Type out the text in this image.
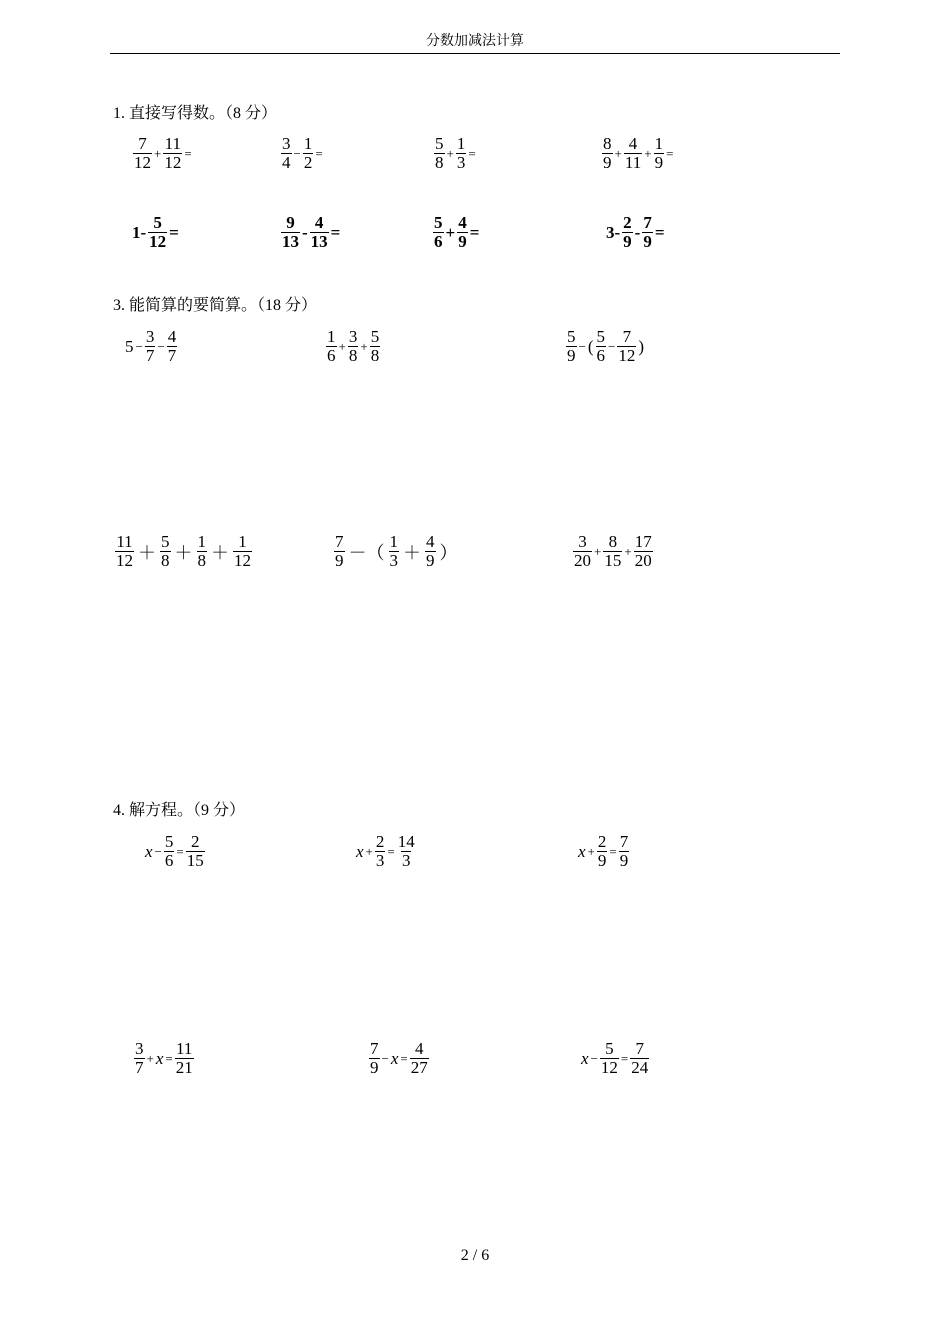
分数加减法计算
1. 直接写得数。（8 分）
3. 能简算的要简算。（18 分）
4. 解方程。（9 分）
$\frac{7}{12} + \frac{11}{12}$ =	$\frac{3}{4} - \frac{1}{2}$ =	$\frac{5}{8} + \frac{1}{3}$ =	$\frac{8}{9} + \frac{4}{11} + \frac{1}{9}$ =
$1- \frac{5}{12}$ =	$\frac{9}{13} - \frac{4}{13}$ =	$\frac{5}{6} + \frac{4}{9}$ =	$3- \frac{2}{9} - \frac{7}{9}$ =
$5 - \frac{3}{7} - \frac{4}{7}$	$\frac{1}{6} + \frac{3}{8} + \frac{5}{8}$	$\frac{5}{9}$ − ( $\frac{5}{6} - \frac{7}{12}$ )
$\frac{11}{12} + \frac{5}{8} + \frac{1}{8} + \frac{1}{12}$	$\frac{7}{9}$ －（ $\frac{1}{3} + \frac{4}{9}$ ）	$\frac{3}{20} + \frac{8}{15} + \frac{17}{20}$
$x - \frac{5}{6} = \frac{2}{15}$	$x + \frac{2}{3} = \frac{14}{3}$	$x + \frac{2}{9} = \frac{7}{9}$
$\frac{3}{7} + x = \frac{11}{21}$	$\frac{7}{9} - x = \frac{4}{27}$	$x - \frac{5}{12} = \frac{7}{24}$
2 / 6
